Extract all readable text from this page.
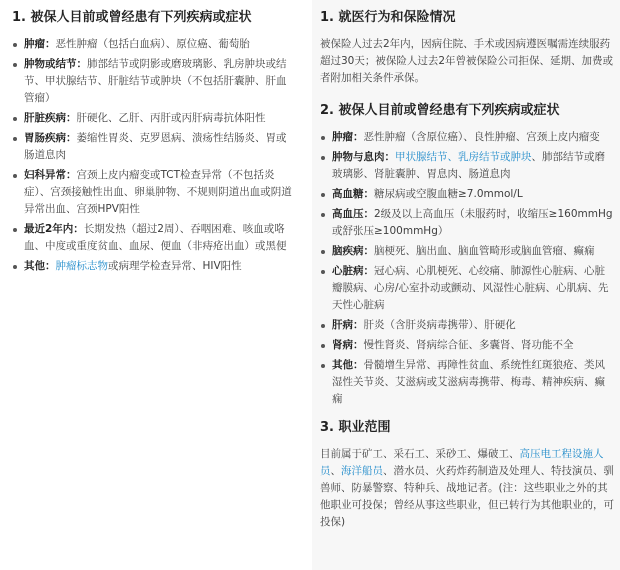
1. 被保人目前或曾经患有下列疾病或症状
肿瘤：恶性肿瘤（包括白血病）、原位癌、葡萄胎
肿物或结节：肺部结节或阴影或磨玻璃影、乳房肿块或结节、甲状腺结节、肝脏结节或肿块（不包括肝囊肿、肝血管瘤）
肝脏疾病：肝硬化、乙肝、丙肝或丙肝病毒抗体阳性
胃肠疾病：萎缩性胃炎、克罗恩病、溃疡性结肠炎、胃或肠道息肉
妇科异常：宫颈上皮内瘤变或TCT检查异常（不包括炎症）、宫颈接触性出血、卵巢肿物、不规则阴道出血或阴道异常出血、宫颈HPV阳性
最近2年内：长期发热（超过2周）、吞咽困难、咳血或咯血、中度或重度贫血、血尿、便血（非痔疮出血）或黑便
其他：肿瘤标志物或病理学检查异常、HIV阳性
1. 就医行为和保险情况

被保险人过去2年内，因病住院、手术或因病遵医嘱需连续服药超过30天；被保险人过去2年曾被保险公司拒保、延期、加费或者附加相关条件承保。

2. 被保人目前或曾经患有下列疾病或症状
肿瘤：恶性肿瘤（含原位癌）、良性肿瘤、宫颈上皮内瘤变
肿物与息肉：甲状腺结节、乳房结节或肿块、肺部结节或磨玻璃影、肾脏囊肿、胃息肉、肠道息肉
高血糖：糖尿病或空腹血糖≥7.0mmol/L
高血压：2级及以上高血压（未服药时，收缩压≥160mmHg或舒张压≥100mmHg）
脑疾病：脑梗死、脑出血、脑血管畸形或脑血管瘤、癫痫
心脏病：冠心病、心肌梗死、心绞痛、肺源性心脏病、心脏瓣膜病、心房/心室扑动或颤动、风湿性心脏病、心肌病、先天性心脏病
肝病：肝炎（含肝炎病毒携带）、肝硬化
肾病：慢性肾炎、肾病综合征、多囊肾、肾功能不全
其他：骨髓增生异常、再障性贫血、系统性红斑狼疮、类风湿性关节炎、艾滋病或艾滋病毒携带、梅毒、精神疾病、癫痫
3. 职业范围

目前属于矿工、采石工、采砂工、爆破工、高压电工程设施人员、海洋船员、潜水员、火药炸药制造及处理人、特技演员、驯兽师、防暴警察、特种兵、战地记者。(注：这些职业之外的其他职业可投保；曾经从事这些职业，但已转行为其他职业的，可投保)
